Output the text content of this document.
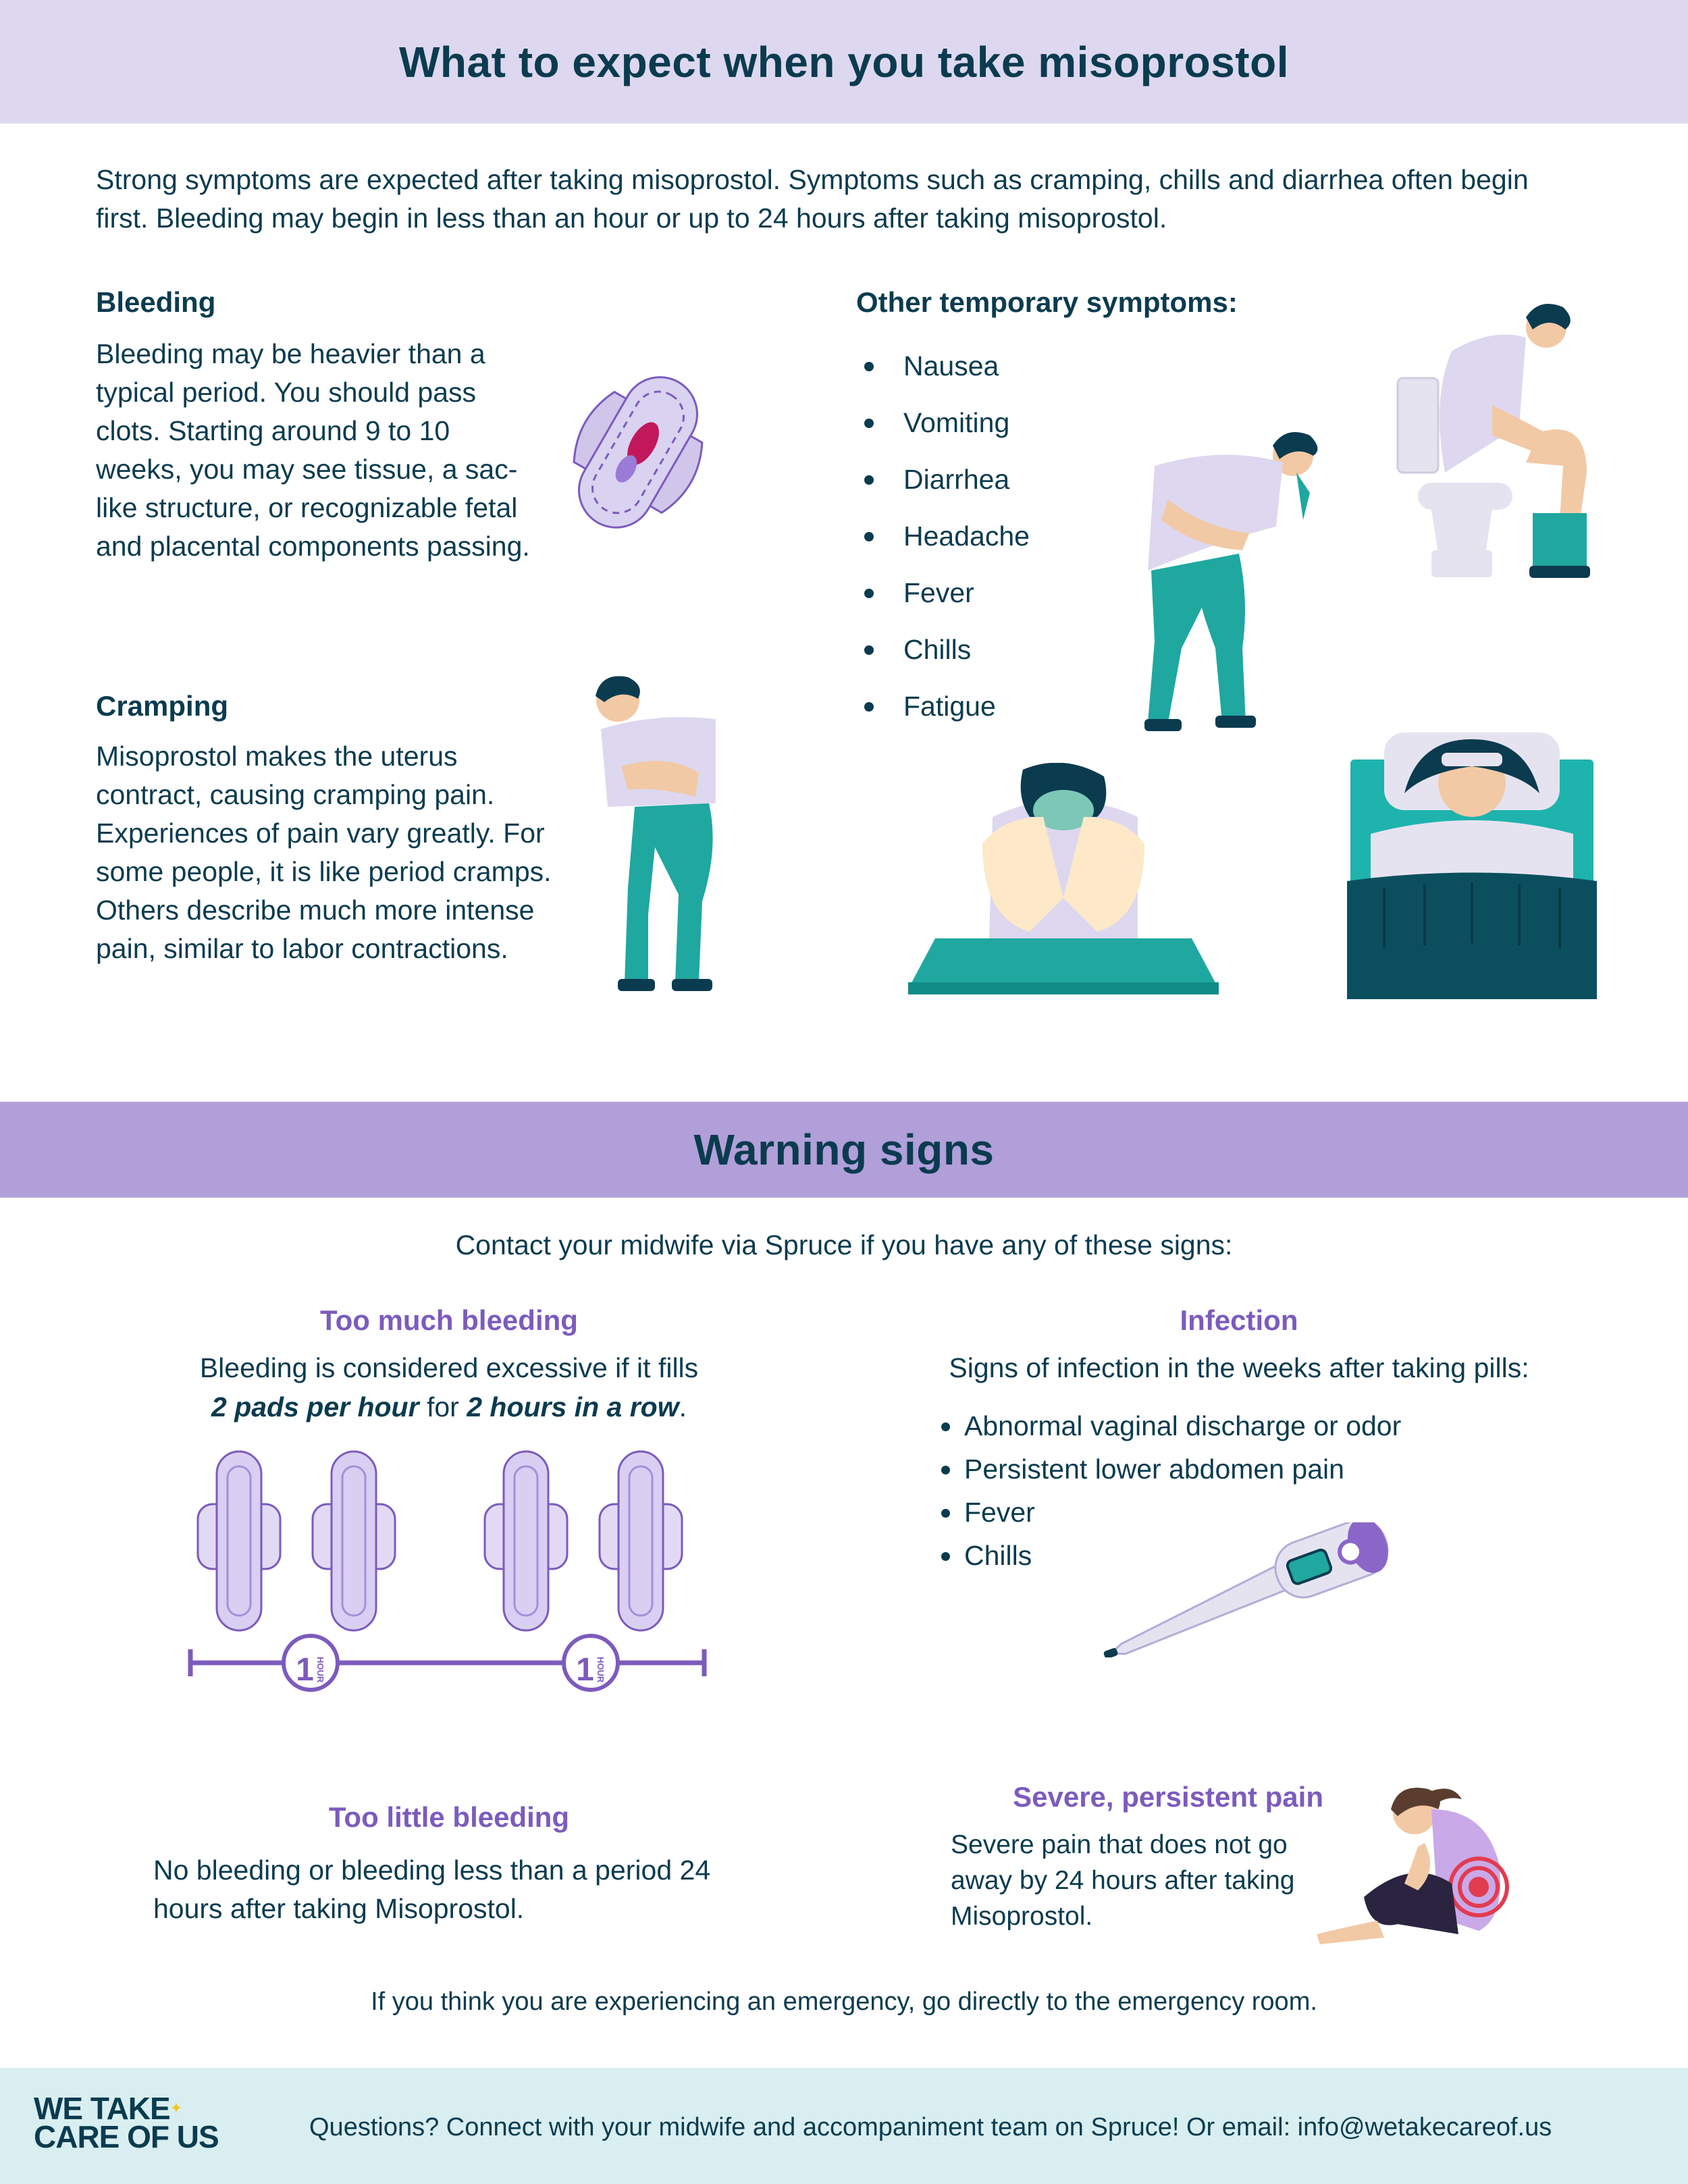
What to expect when you take misoprostol

Strong symptoms are expected after taking misoprostol. Symptoms such as cramping, chills and diarrhea often begin first. Bleeding may begin in less than an hour or up to 24 hours after taking misoprostol.

Bleeding

Bleeding may be heavier than a typical period. You should pass clots. Starting around 9 to 10 weeks, you may see tissue, a sac-like structure, or recognizable fetal and placental components passing.

Cramping

Misoprostol makes the uterus contract, causing cramping pain. Experiences of pain vary greatly. For some people, it is like period cramps. Others describe much more intense pain, similar to labor contractions.

Other temporary symptoms:

Nausea
Vomiting
Diarrhea
Headache
Fever
Chills
Fatigue
Warning signs

Contact your midwife via Spruce if you have any of these signs:

Too much bleeding

Bleeding is considered excessive if it fills

2 pads per hour for 2 hours in a row.

1 HOUR	1 HOUR

Infection

Signs of infection in the weeks after taking pills:

Abnormal vaginal discharge or odor
Persistent lower abdomen pain
Fever
Chills

Too little bleeding

No bleeding or bleeding less than a period 24 hours after taking Misoprostol.

Severe, persistent pain

Severe pain that does not go away by 24 hours after taking Misoprostol.

If you think you are experiencing an emergency, go directly to the emergency room.

WE TAKE✦
CARE OF US	Questions? Connect with your midwife and accompaniment team on Spruce! Or email: info@wetakecareof.us
